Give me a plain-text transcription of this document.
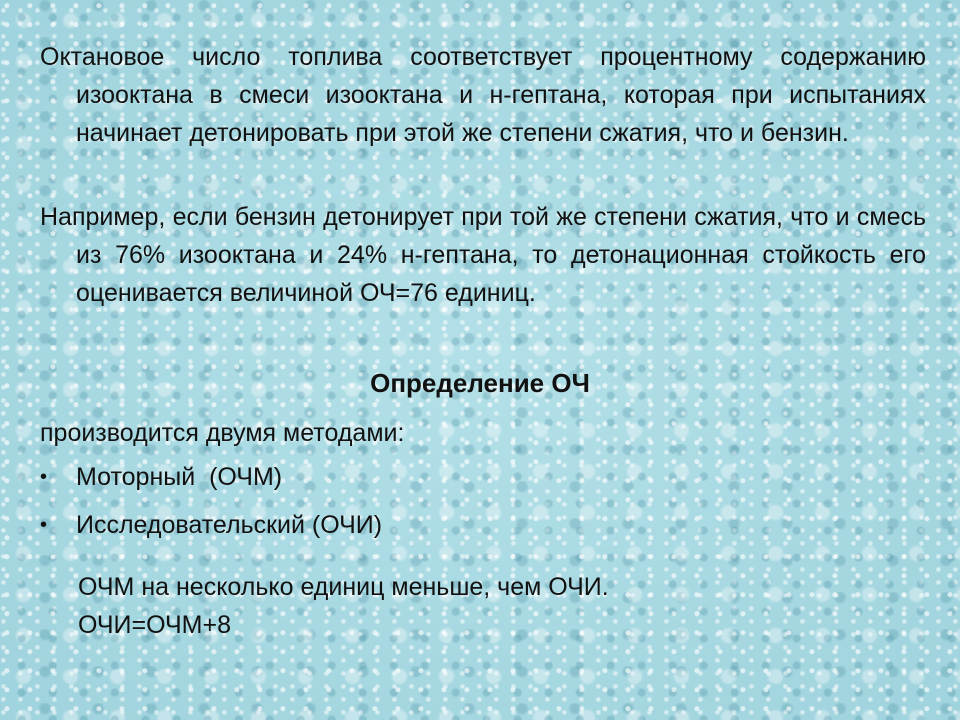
Октановое число топлива соответствует процентному содержанию изооктана в смеси изооктана и н-гептана, которая при испытаниях начинает детонировать при этой же степени сжатия, что и бензин.

Например, если бензин детонирует при той же степени сжатия, что и смесь из 76% изооктана и 24% н-гептана, то детонационная стойкость его оценивается величиной ОЧ=76 единиц.

Определение ОЧ

производится двумя методами:

• Моторный  (ОЧМ)
• Исследовательский (ОЧИ)
ОЧМ на несколько единиц меньше, чем ОЧИ.
ОЧИ=ОЧМ+8
